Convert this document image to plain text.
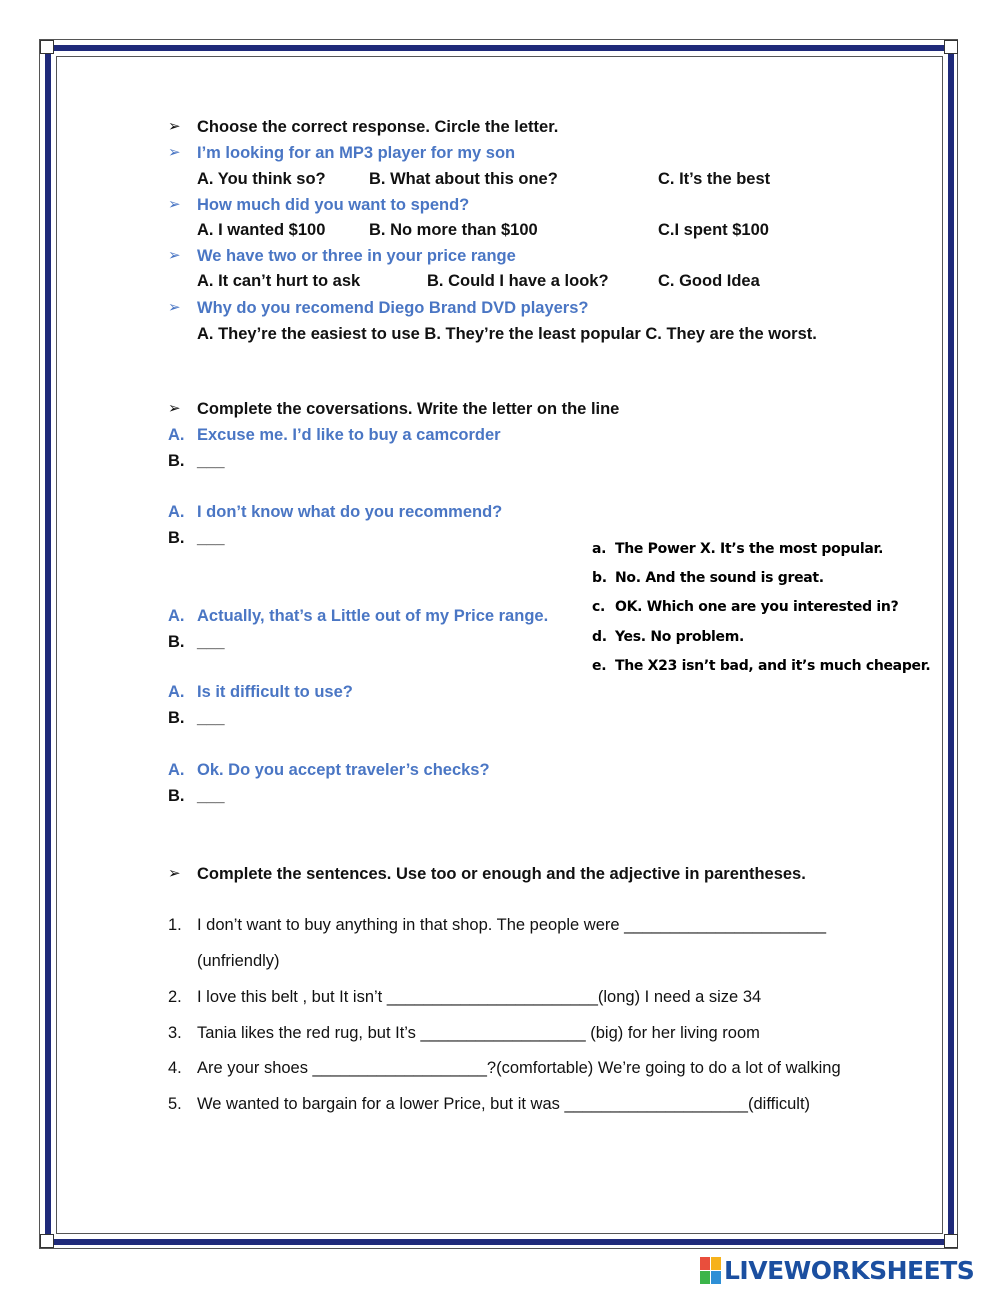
➢ Choose the correct response. Circle the letter.
➢ I’m looking for an MP3 player for my son
A. You think so?	B. What about this one?	C. It’s the best
➢ How much did you want to spend?
A. I wanted $100	B. No more than $100	C.I spent $100
➢ We have two or three in your price range
A. It can’t hurt to ask	B. Could I have a look?	C. Good Idea
➢ Why do you recomend Diego Brand DVD players?
A. They’re the easiest to use B. They’re the least popular C. They are the worst.
➢ Complete the coversations. Write the letter on the line
A. Excuse me. I’d like to buy a camcorder
B. ___
A. I don’t know what do you recommend?
B. ___
A. Actually, that’s a Little out of my Price range.
B. ___
A. Is it difficult to use?
B. ___
A. Ok. Do you accept traveler’s checks?
B. ___
a. The Power X. It’s the most popular.
b. No. And the sound is great.
c. OK. Which one are you interested in?
d. Yes. No problem.
e. The X23 isn’t bad, and it’s much cheaper.
➢ Complete the sentences. Use too or enough and the adjective in parentheses.
1. I don’t want to buy anything in that shop. The people were ______________________
(unfriendly)
2. I love this belt , but It isn’t _______________________(long) I need a size 34
3. Tania likes the red rug, but It’s __________________ (big) for her living room
4. Are your shoes ___________________?(comfortable) We’re going to do a lot of walking
5. We wanted to bargain for a lower Price, but it was ____________________(difficult)
LIVEWORKSHEETS
